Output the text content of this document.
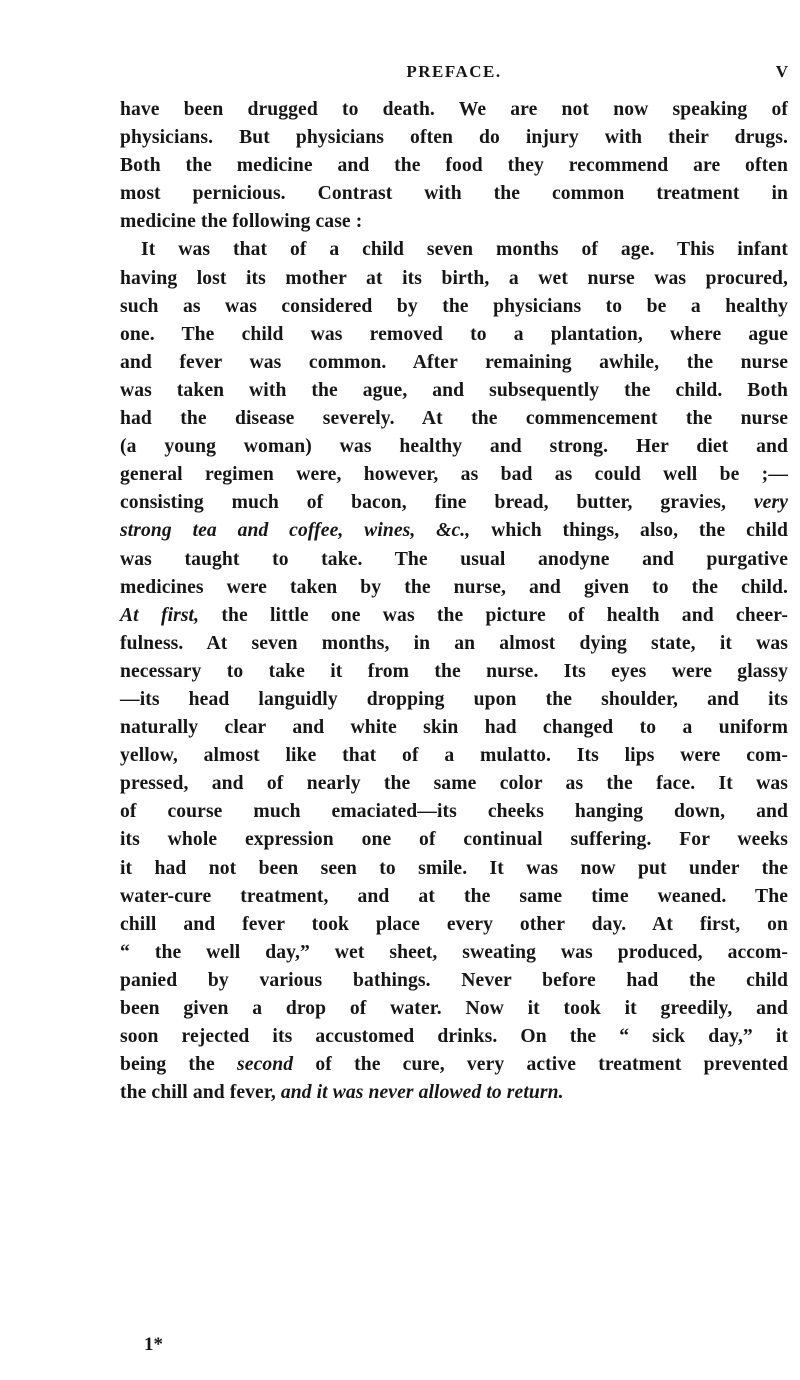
PREFACE.	V
have been drugged to death. We are not now speaking of
physicians. But physicians often do injury with their drugs.
Both the medicine and the food they recommend are often
most pernicious. Contrast with the common treatment in
medicine the following case :
It was that of a child seven months of age. This infant
having lost its mother at its birth, a wet nurse was procured,
such as was considered by the physicians to be a healthy
one. The child was removed to a plantation, where ague
and fever was common. After remaining awhile, the nurse
was taken with the ague, and subsequently the child. Both
had the disease severely. At the commencement the nurse
(a young woman) was healthy and strong. Her diet and
general regimen were, however, as bad as could well be ;—
consisting much of bacon, fine bread, butter, gravies, very
strong tea and coffee, wines, &c., which things, also, the child
was taught to take. The usual anodyne and purgative
medicines were taken by the nurse, and given to the child.
At first, the little one was the picture of health and cheer-
fulness. At seven months, in an almost dying state, it was
necessary to take it from the nurse. Its eyes were glassy
—its head languidly dropping upon the shoulder, and its
naturally clear and white skin had changed to a uniform
yellow, almost like that of a mulatto. Its lips were com-
pressed, and of nearly the same color as the face. It was
of course much emaciated—its cheeks hanging down, and
its whole expression one of continual suffering. For weeks
it had not been seen to smile. It was now put under the
water-cure treatment, and at the same time weaned. The
chill and fever took place every other day. At first, on
“ the well day,” wet sheet, sweating was produced, accom-
panied by various bathings. Never before had the child
been given a drop of water. Now it took it greedily, and
soon rejected its accustomed drinks. On the “ sick day,” it
being the second of the cure, very active treatment prevented
the chill and fever, and it was never allowed to return.
1*
